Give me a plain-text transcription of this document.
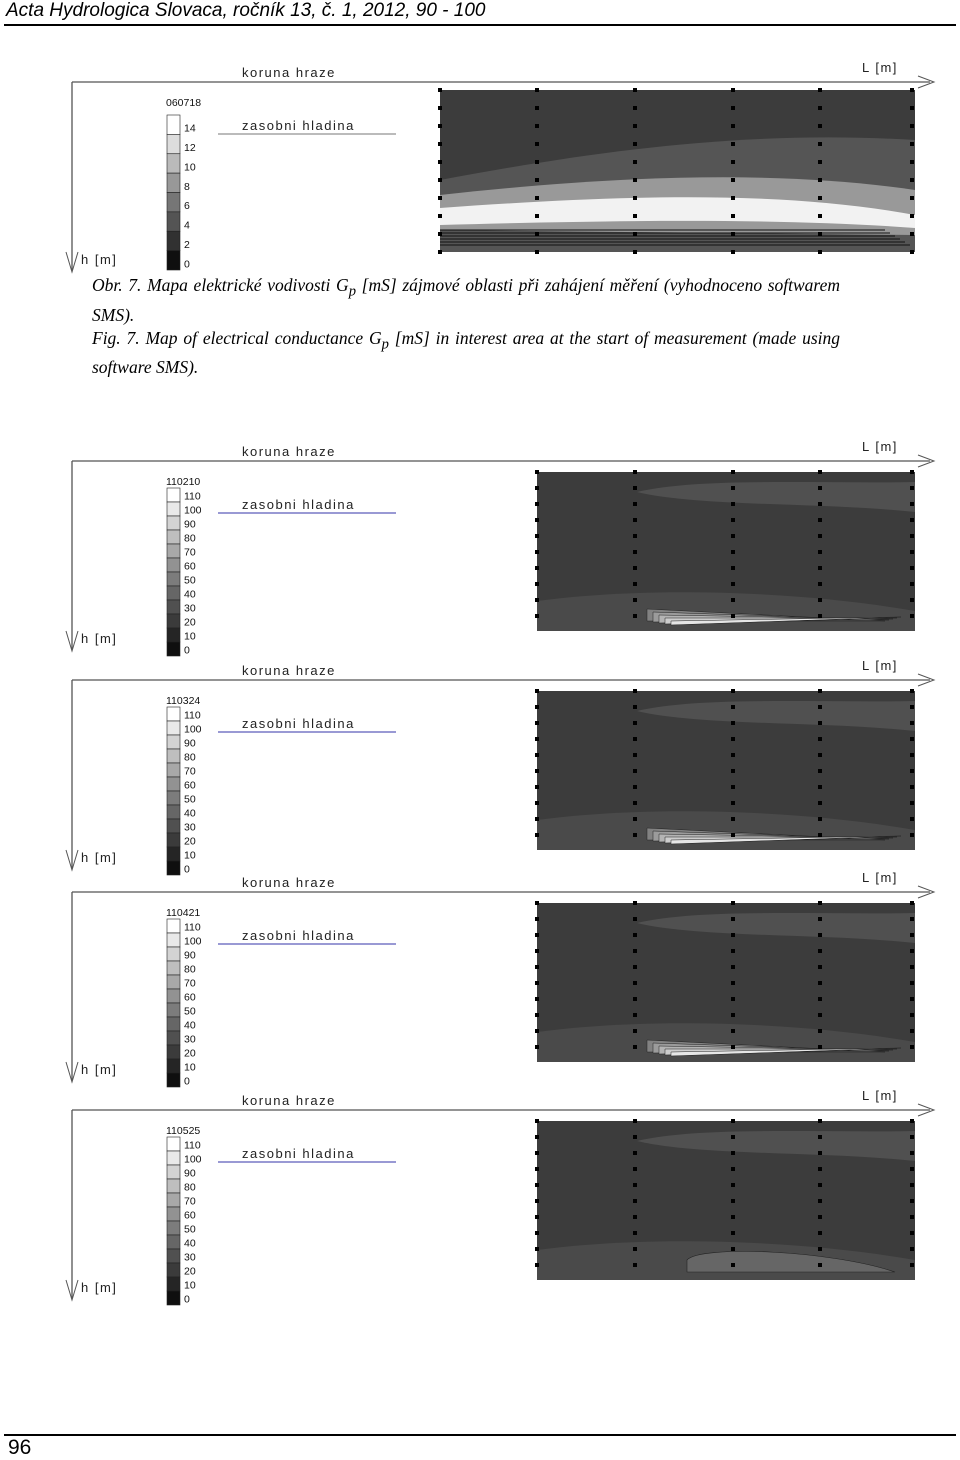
Acta Hydrologica Slovaca, ročník 13, č. 1, 2012, 90 - 100

Obr. 7. Mapa elektrické vodivosti $G_p$ [mS] zájmové oblasti při zahájení měření (vyhodnoceno softwarem SMS).

Fig. 7. Map of electrical conductance $G_p$ [mS] in interest area at the start of measurement (made using software SMS).

14
12
10
8
6
4
2
0
koruna hraze	L [m]
h [m]
060718
zasobni hladina
110
100
90
80
70
60
50
40
30
20
10
0
koruna hraze	L [m]
h [m]
110210
zasobni hladina
110
100
90
80
70
60
50
40
30
20
10
0
koruna hraze	L [m]
h [m]
110324
zasobni hladina
110
100
90
80
70
60
50
40
30
20
10
0
koruna hraze	L [m]
h [m]
110421
zasobni hladina
110
100
90
80
70
60
50
40
30
20
10
0
koruna hraze	L [m]
h [m]
110525
zasobni hladina
96
